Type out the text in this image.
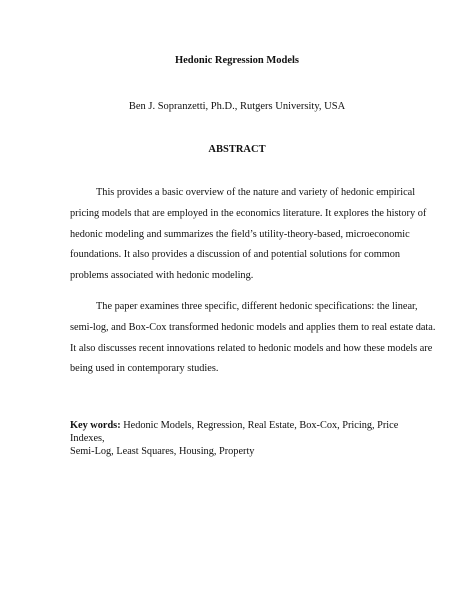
Hedonic Regression Models
Ben J. Sopranzetti, Ph.D., Rutgers University, USA
ABSTRACT
This provides a basic overview of the nature and variety of hedonic empirical
pricing models that are employed in the economics literature. It explores the history of
hedonic modeling and summarizes the field’s utility-theory-based, microeconomic
foundations. It also provides a discussion of and potential solutions for common
problems associated with hedonic modeling.
The paper examines three specific, different hedonic specifications: the linear,
semi-log, and Box-Cox transformed hedonic models and applies them to real estate data.
It also discusses recent innovations related to hedonic models and how these models are
being used in contemporary studies.
Key words: Hedonic Models, Regression, Real Estate, Box-Cox, Pricing, Price Indexes,
Semi-Log, Least Squares, Housing, Property
